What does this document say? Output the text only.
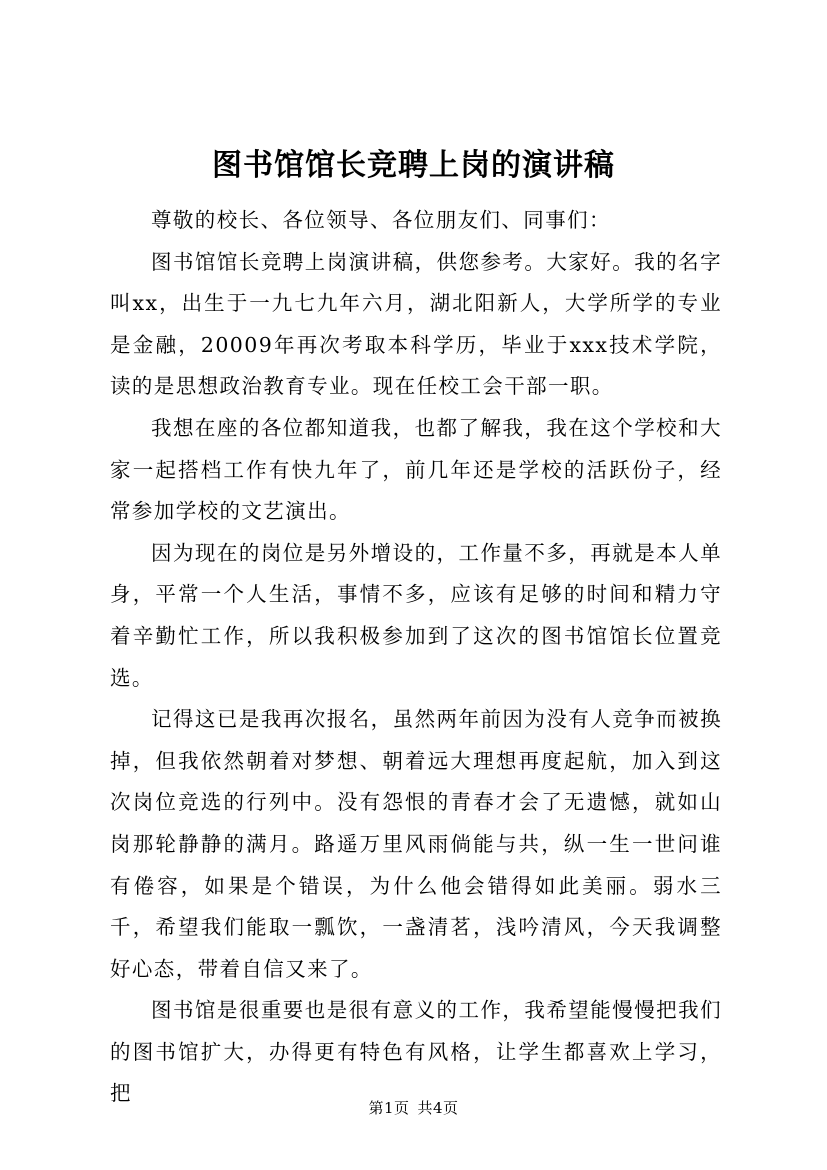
图书馆馆长竞聘上岗的演讲稿

尊敬的校长、各位领导、各位朋友们、同事们：

图书馆馆长竞聘上岗演讲稿，供您参考。大家好。我的名字叫xx，出生于一九七九年六月，湖北阳新人，大学所学的专业是金融，20009年再次考取本科学历，毕业于xxx技术学院，读的是思想政治教育专业。现在任校工会干部一职。

我想在座的各位都知道我，也都了解我，我在这个学校和大家一起搭档工作有快九年了，前几年还是学校的活跃份子，经常参加学校的文艺演出。

因为现在的岗位是另外增设的，工作量不多，再就是本人单身，平常一个人生活，事情不多，应该有足够的时间和精力守着辛勤忙工作，所以我积极参加到了这次的图书馆馆长位置竞选。

记得这已是我再次报名，虽然两年前因为没有人竞争而被换掉，但我依然朝着对梦想、朝着远大理想再度起航，加入到这次岗位竞选的行列中。没有怨恨的青春才会了无遗憾，就如山岗那轮静静的满月。路遥万里风雨倘能与共，纵一生一世问谁有倦容，如果是个错误，为什么他会错得如此美丽。弱水三千，希望我们能取一瓢饮，一盏清茗，浅吟清风，今天我调整好心态，带着自信又来了。

图书馆是很重要也是很有意义的工作，我希望能慢慢把我们的图书馆扩大，办得更有特色有风格，让学生都喜欢上学习，把

第1页 共4页
